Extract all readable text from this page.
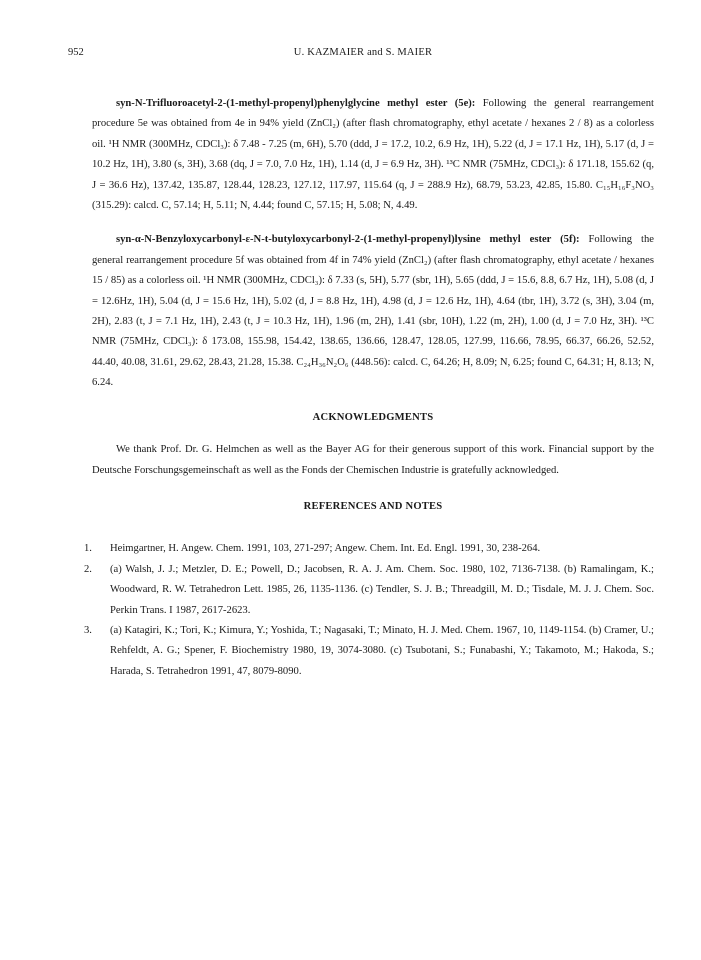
952	U. KAZMAIER and S. MAIER

syn-N-Trifluoroacetyl-2-(1-methyl-propenyl)phenylglycine methyl ester (5e): Following the general rearrangement procedure 5e was obtained from 4e in 94% yield (ZnCl₂) (after flash chromatography, ethyl acetate / hexanes 2 / 8) as a colorless oil. ¹H NMR (300MHz, CDCl₃): δ 7.48 - 7.25 (m, 6H), 5.70 (ddd, J = 17.2, 10.2, 6.9 Hz, 1H), 5.22 (d, J = 17.1 Hz, 1H), 5.17 (d, J = 10.2 Hz, 1H), 3.80 (s, 3H), 3.68 (dq, J = 7.0, 7.0 Hz, 1H), 1.14 (d, J = 6.9 Hz, 3H). ¹³C NMR (75MHz, CDCl₃): δ 171.18, 155.62 (q, J = 36.6 Hz), 137.42, 135.87, 128.44, 128.23, 127.12, 117.97, 115.64 (q, J = 288.9 Hz), 68.79, 53.23, 42.85, 15.80. C₁₅H₁₆F₃NO₃ (315.29): calcd. C, 57.14; H, 5.11; N, 4.44; found C, 57.15; H, 5.08; N, 4.49.

syn-α-N-Benzyloxycarbonyl-ε-N-t-butyloxycarbonyl-2-(1-methyl-propenyl)lysine methyl ester (5f): Following the general rearrangement procedure 5f was obtained from 4f in 74% yield (ZnCl₂) (after flash chromatography, ethyl acetate / hexanes 15 / 85) as a colorless oil. ¹H NMR (300MHz, CDCl₃): δ 7.33 (s, 5H), 5.77 (sbr, 1H), 5.65 (ddd, J = 15.6, 8.8, 6.7 Hz, 1H), 5.08 (d, J = 12.6Hz, 1H), 5.04 (d, J = 15.6 Hz, 1H), 5.02 (d, J = 8.8 Hz, 1H), 4.98 (d, J = 12.6 Hz, 1H), 4.64 (tbr, 1H), 3.72 (s, 3H), 3.04 (m, 2H), 2.83 (t, J = 7.1 Hz, 1H), 2.43 (t, J = 10.3 Hz, 1H), 1.96 (m, 2H), 1.41 (sbr, 10H), 1.22 (m, 2H), 1.00 (d, J = 7.0 Hz, 3H). ¹³C NMR (75MHz, CDCl₃): δ 173.08, 155.98, 154.42, 138.65, 136.66, 128.47, 128.05, 127.99, 116.66, 78.95, 66.37, 66.26, 52.52, 44.40, 40.08, 31.61, 29.62, 28.43, 21.28, 15.38. C₂₄H₃₆N₂O₆ (448.56): calcd. C, 64.26; H, 8.09; N, 6.25; found C, 64.31; H, 8.13; N, 6.24.

ACKNOWLEDGMENTS

We thank Prof. Dr. G. Helmchen as well as the Bayer AG for their generous support of this work. Financial support by the Deutsche Forschungsgemeinschaft as well as the Fonds der Chemischen Industrie is gratefully acknowledged.

REFERENCES AND NOTES
1. Heimgartner, H. Angew. Chem. 1991, 103, 271-297; Angew. Chem. Int. Ed. Engl. 1991, 30, 238-264.
2. (a) Walsh, J. J.; Metzler, D. E.; Powell, D.; Jacobsen, R. A. J. Am. Chem. Soc. 1980, 102, 7136-7138. (b) Ramalingam, K.; Woodward, R. W. Tetrahedron Lett. 1985, 26, 1135-1136. (c) Tendler, S. J. B.; Threadgill, M. D.; Tisdale, M. J. J. Chem. Soc. Perkin Trans. I 1987, 2617-2623.
3. (a) Katagiri, K.; Tori, K.; Kimura, Y.; Yoshida, T.; Nagasaki, T.; Minato, H. J. Med. Chem. 1967, 10, 1149-1154. (b) Cramer, U.; Rehfeldt, A. G.; Spener, F. Biochemistry 1980, 19, 3074-3080. (c) Tsubotani, S.; Funabashi, Y.; Takamoto, M.; Hakoda, S.; Harada, S. Tetrahedron 1991, 47, 8079-8090.
